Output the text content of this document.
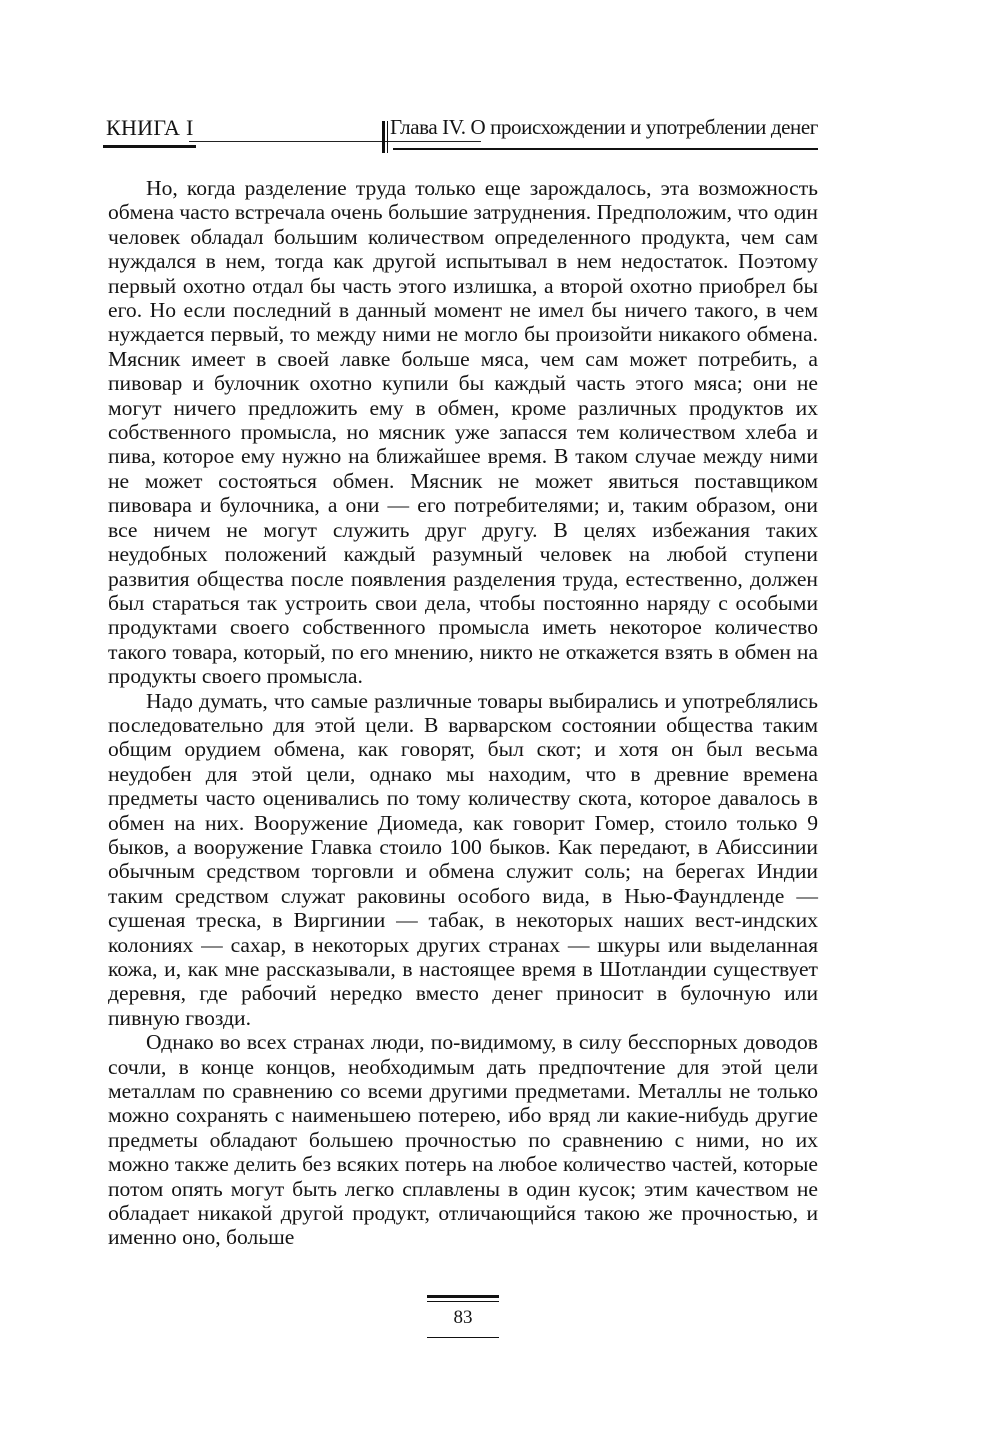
КНИГА I	Глава IV. О происхождении и употреблении денег

Но, когда разделение труда только еще зарождалось, эта возможность обмена часто встречала очень большие затруднения. Предположим, что один человек обладал большим количеством определенного продукта, чем сам нуждался в нем, тогда как другой испытывал в нем недостаток. Поэтому первый охотно отдал бы часть этого излишка, а второй охотно приобрел бы его. Но если последний в данный момент не имел бы ничего такого, в чем нуждается первый, то между ними не могло бы произойти никакого обмена. Мясник имеет в своей лавке больше мяса, чем сам может потребить, а пивовар и булочник охотно купили бы каждый часть этого мяса; они не могут ничего предложить ему в обмен, кроме различных продуктов их собственного промысла, но мясник уже запасся тем количеством хлеба и пива, которое ему нужно на ближайшее время. В таком случае между ними не может состояться обмен. Мясник не может явиться поставщиком пивовара и булочника, а они — его потребителями; и, таким образом, они все ничем не могут служить друг другу. В целях избежания таких неудобных положений каждый разумный человек на любой ступени развития общества после появления разделения труда, естественно, должен был стараться так устроить свои дела, чтобы постоянно наряду с особыми продуктами своего собственного промысла иметь некоторое количество такого товара, который, по его мнению, никто не откажется взять в обмен на продукты своего промысла.

Надо думать, что самые различные товары выбирались и употреблялись последовательно для этой цели. В варварском состоянии общества таким общим орудием обмена, как говорят, был скот; и хотя он был весьма неудобен для этой цели, однако мы находим, что в древние времена предметы часто оценивались по тому количеству скота, которое давалось в обмен на них. Вооружение Диомеда, как говорит Гомер, стоило только 9 быков, а вооружение Главка стоило 100 быков. Как передают, в Абиссинии обычным средством торговли и обмена служит соль; на берегах Индии таким средством служат раковины особого вида, в Нью-Фаундленде — сушеная треска, в Виргинии — табак, в некоторых наших вест-индских колониях — сахар, в некоторых других странах — шкуры или выделанная кожа, и, как мне рассказывали, в настоящее время в Шотландии существует деревня, где рабочий нередко вместо денег приносит в булочную или пивную гвозди.

Однако во всех странах люди, по-видимому, в силу бесспорных доводов сочли, в конце концов, необходимым дать предпочтение для этой цели металлам по сравнению со всеми другими предметами. Металлы не только можно сохранять с наименьшею потерею, ибо вряд ли какие-нибудь другие предметы обладают большею прочностью по сравнению с ними, но их можно также делить без всяких потерь на любое количество частей, которые потом опять могут быть легко сплавлены в один кусок; этим качеством не обладает никакой другой продукт, отличающийся такою же прочностью, и именно оно, больше

83
